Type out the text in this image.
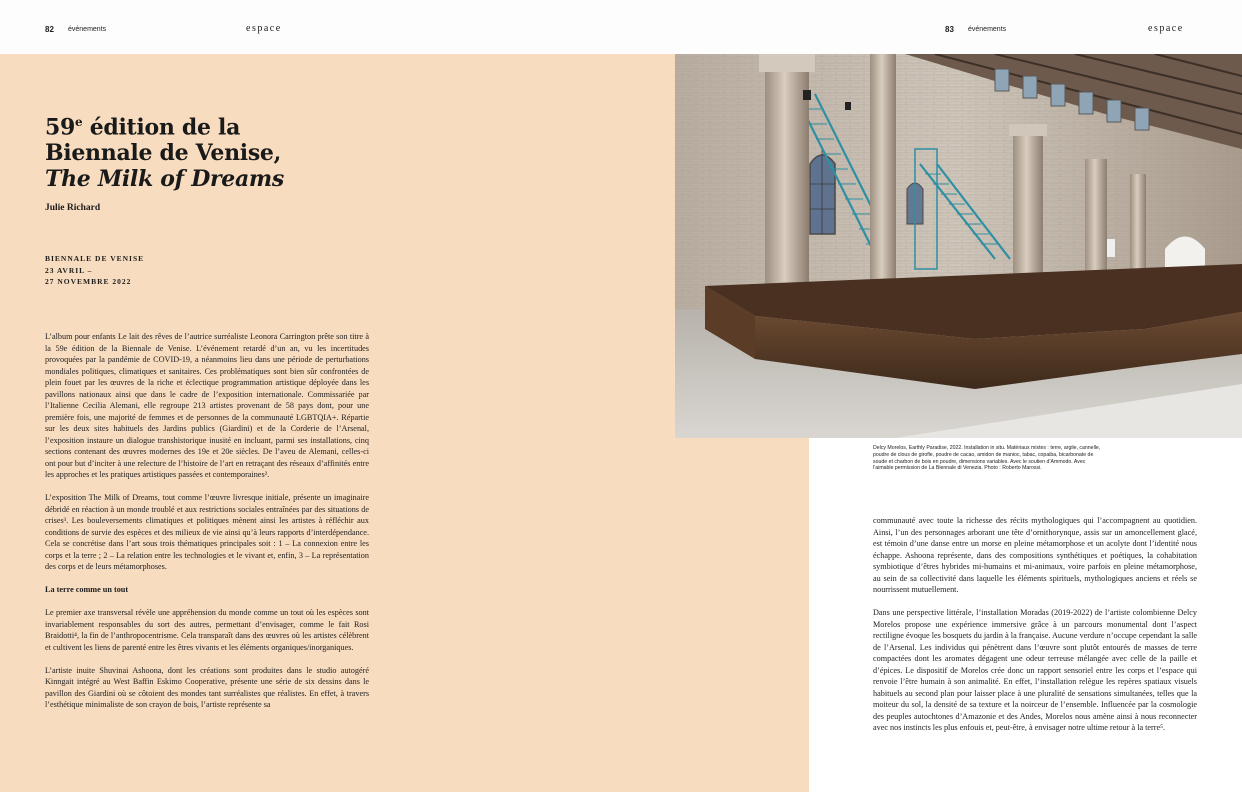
82 événements	espace	83 événements	espace
59e édition de la
Biennale de Venise,
The Milk of Dreams
Julie Richard
BIENNALE DE VENISE
23 AVRIL –
27 NOVEMBRE 2022

L’album pour enfants Le lait des rêves de l’autrice surréaliste Leonora Carrington prête son titre à la 59e édition de la Biennale de Venise. L’événement retardé d’un an, vu les incertitudes provoquées par la pandémie de COVID-19, a néanmoins lieu dans une période de perturbations mondiales politiques, climatiques et sanitaires. Ces problématiques sont bien sûr confrontées de plein fouet par les œuvres de la riche et éclectique programmation artistique déployée dans les pavillons nationaux ainsi que dans le cadre de l’exposition internationale. Commissariée par l’Italienne Cecilia Alemani, elle regroupe 213 artistes provenant de 58 pays dont, pour une première fois, une majorité de femmes et de personnes de la communauté LGBTQIA+. Répartie sur les deux sites habituels des Jardins publics (Giardini) et de la Corderie de l’Arsenal, l’exposition instaure un dialogue transhistorique inusité en incluant, parmi ses installations, cinq sections contenant des œuvres modernes des 19e et 20e siècles. De l’aveu de Alemani, celles-ci ont pour but d’inciter à une relecture de l’histoire de l’art en retraçant des réseaux d’affinités entre les approches et les pratiques artistiques passées et contemporaines².

L’exposition The Milk of Dreams, tout comme l’œuvre livresque initiale, présente un imaginaire débridé en réaction à un monde troublé et aux restrictions sociales entraînées par des situations de crises³. Les bouleversements climatiques et politiques mènent ainsi les artistes à réfléchir aux conditions de survie des espèces et des milieux de vie ainsi qu’à leurs rapports d’interdépendance. Cela se concrétise dans l’art sous trois thématiques principales soit : 1 – La connexion entre les corps et la terre ; 2 – La relation entre les technologies et le vivant et, enfin, 3 – La représentation des corps et de leurs métamorphoses.

La terre comme un tout

Le premier axe transversal révèle une appréhension du monde comme un tout où les espèces sont invariablement responsables du sort des autres, permettant d’envisager, comme le fait Rosi Braidotti⁴, la fin de l’anthropocentrisme. Cela transparaît dans des œuvres où les artistes célèbrent et cultivent les liens de parenté entre les êtres vivants et les éléments organiques/inorganiques.

L’artiste inuite Shuvinai Ashoona, dont les créations sont produites dans le studio autogéré Kinngait intégré au West Baffin Eskimo Cooperative, présente une série de six dessins dans le pavillon des Giardini où se côtoient des mondes tant surréalistes que réalistes. En effet, à travers l’esthétique minimaliste de son crayon de bois, l’artiste représente sa

Delcy Morelos, Earthly Paradise, 2022. Installation in situ. Matériaux mixtes : terre, argile, cannelle, poudre de clous de girofle, poudre de cacao, amidon de manioc, tabac, copaiba, bicarbonate de soude et charbon de bois en poudre, dimensions variables. Avec le soutien d’Ammodo. Avec l’aimable permission de La Biennale di Venezia. Photo : Roberto Marossi.

communauté avec toute la richesse des récits mythologiques qui l’accompagnent au quotidien. Ainsi, l’un des personnages arborant une tête d’ornithorynque, assis sur un amoncellement glacé, est témoin d’une danse entre un morse en pleine métamorphose et un acolyte dont l’identité nous échappe. Ashoona représente, dans des compositions synthétiques et poétiques, la cohabitation symbiotique d’êtres hybrides mi-humains et mi-animaux, voire parfois en pleine métamorphose, au sein de sa collectivité dans laquelle les éléments spirituels, mythologiques anciens et réels se nourrissent mutuellement.

Dans une perspective littérale, l’installation Moradas (2019-2022) de l’artiste colombienne Delcy Morelos propose une expérience immersive grâce à un parcours monumental dont l’aspect rectiligne évoque les bosquets du jardin à la française. Aucune verdure n’occupe cependant la salle de l’Arsenal. Les individus qui pénètrent dans l’œuvre sont plutôt entourés de masses de terre compactées dont les aromates dégagent une odeur terreuse mélangée avec celle de la paille et d’épices. Le dispositif de Morelos crée donc un rapport sensoriel entre les corps et l’espace qui renvoie l’être humain à son animalité. En effet, l’installation relègue les repères spatiaux visuels habituels au second plan pour laisser place à une pluralité de sensations simultanées, telles que la moiteur du sol, la densité de sa texture et la noirceur de l’ensemble. Influencée par la cosmologie des peuples autochtones d’Amazonie et des Andes, Morelos nous amène ainsi à nous reconnecter avec nos instincts les plus enfouis et, peut-être, à envisager notre ultime retour à la terre⁵.
